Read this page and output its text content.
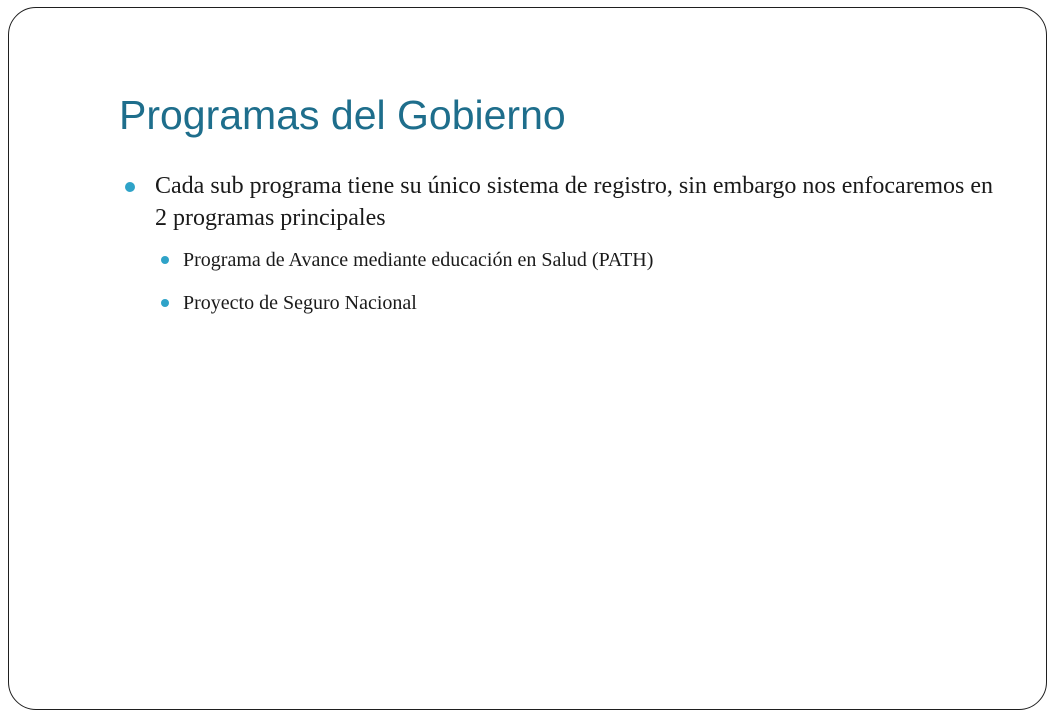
Programas del Gobierno
Cada sub programa tiene su único sistema de registro, sin embargo nos enfocaremos en 2 programas principales
Programa de Avance mediante educación en Salud (PATH)
Proyecto de Seguro Nacional
